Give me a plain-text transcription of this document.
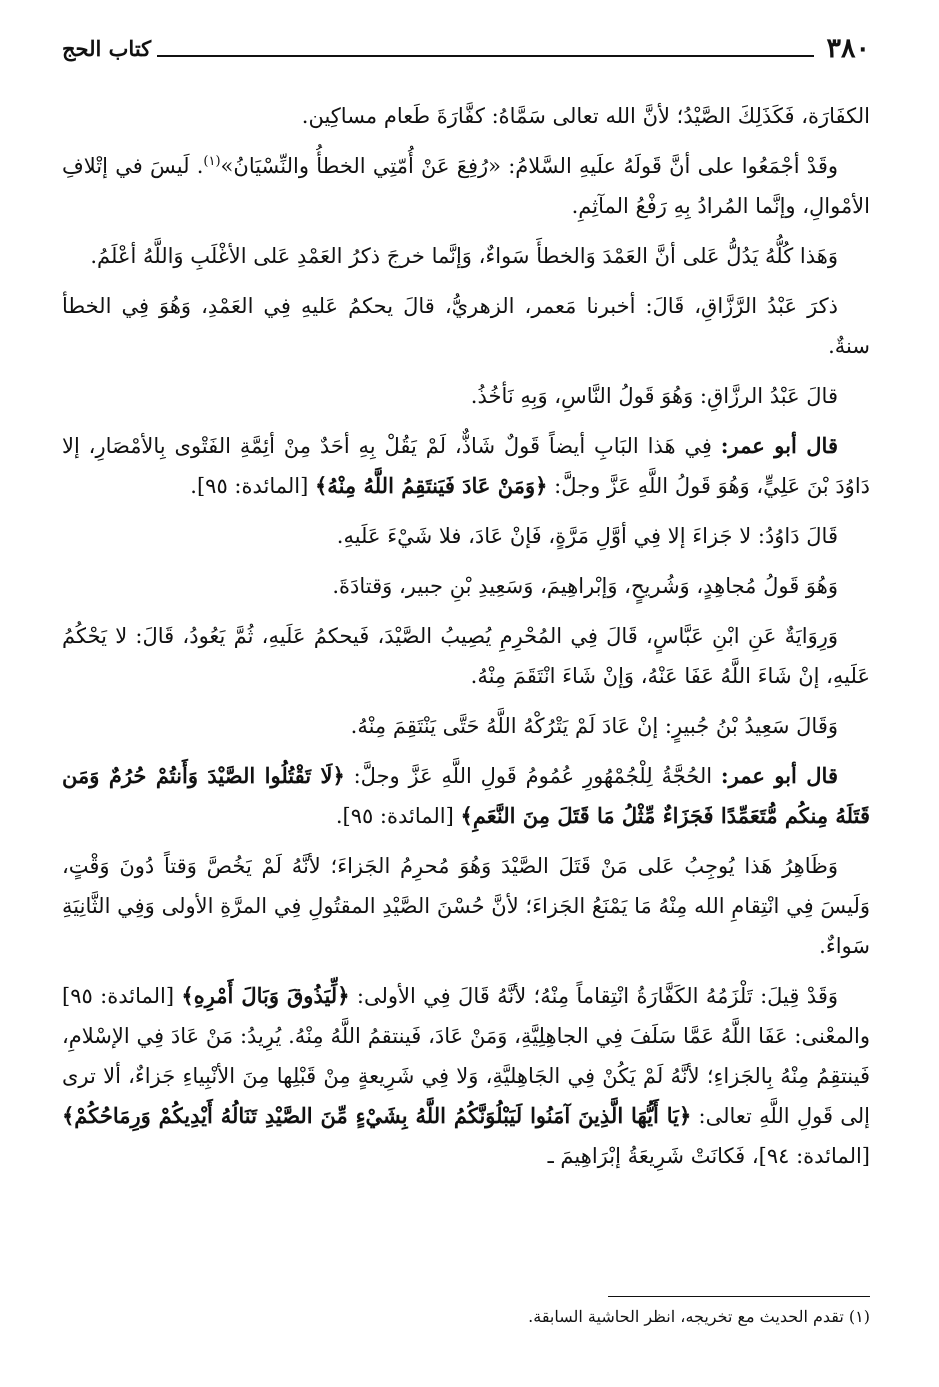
٣٨٠
كتاب الحج

الكفَارَة، فَكَذَلِكَ الصَّيْدُ؛ لأنَّ الله تعالى سَمَّاهُ: كفَّارَةَ طَعام مساكِين.

وقَدْ أجْمَعُوا على أنَّ قَولَهُ علَيهِ السَّلامُ: «رُفِعَ عَنْ أُمّتِي الخطأُ والنِّسْيَانُ»$^{(١)}$. لَيسَ في إتْلافِ الأمْوالِ، وإنَّما المُرادُ بِهِ رَفْعُ المآثِمِ.

وَهَذا كُلُّهُ يَدُلُّ عَلى أنَّ العَمْدَ وَالخطأَ سَواءٌ، وَإنَّما خرجَ ذكرُ العَمْدِ عَلى الأغْلَبِ وَاللَّهُ أعْلَمُ.

ذكرَ عَبْدُ الرَّزَّاقِ، قَالَ: أخبرنا مَعمر، الزهريُّ، قالَ يحكمُ عَليهِ فِي العَمْدِ، وَهُوَ فِي الخطأ سنةٌ.

قالَ عَبْدُ الرزَّاقِ: وَهُوَ قَولُ النَّاسِ، وَبِهِ نَأخُذُ.

قال أبو عمر: فِي هَذا البَابِ أيضاً قَولٌ شَاذٌّ، لَمْ يَقُلْ بِهِ أحَدٌ مِنْ أئِمَّةِ الفَتْوى بِالأمْصَارِ، إلا دَاوُدَ بْنَ عَلِيٍّ، وَهُوَ قَولُ اللَّهِ عَزَّ وجلَّ: ﴿وَمَنْ عَادَ فَيَنتَقِمُ اللَّهُ مِنْهُ﴾ [المائدة: ٩٥].

قَالَ دَاوُدُ: لا جَزاءَ إلا فِي أوَّلِ مَرَّةٍ، فَإنْ عَادَ، فلا شَيْءَ عَلَيهِ.

وَهُوَ قَولُ مُجاهِدٍ، وَشُريحٍ، وَإبْراهِيمَ، وَسَعِيدِ بْنِ جبير، وَقتادَةَ.

وَرِوَايَةٌ عَنِ ابْنِ عَبَّاسٍ، قَالَ فِي المُحْرِمِ يُصِيبُ الصَّيْدَ، فَيحكمُ عَلَيهِ، ثُمَّ يَعُودُ، قَالَ: لا يَحْكُمُ عَلَيهِ، إنْ شَاءَ اللَّهُ عَفَا عَنْهُ، وَإنْ شَاءَ انْتَقَمَ مِنْهُ.

وَقَالَ سَعِيدُ بْنُ جُبيرٍ: إنْ عَادَ لَمْ يَتْرُكْهُ اللَّهُ حَتَّى يَنْتَقِمَ مِنْهُ.

قال أبو عمر: الحُجَّةُ لِلْجُمْهُورِ عُمُومُ قَولِ اللَّهِ عَزَّ وجلَّ: ﴿لَا تَقْتُلُوا الصَّيْدَ وَأَنتُمْ حُرُمٌ وَمَن قَتَلَهُ مِنكُم مُّتَعَمِّدًا فَجَزَاءٌ مِّثْلُ مَا قَتَلَ مِنَ النَّعَمِ﴾ [المائدة: ٩٥].

وَظَاهِرُ هَذا يُوجِبُ عَلى مَنْ قَتَلَ الصَّيْدَ وَهُوَ مُحرِمُ الجَزاءَ؛ لأنَّهُ لَمْ يَخُصَّ وَقتاً دُونَ وَقْتٍ، وَلَيسَ فِي انْتِقامِ الله مِنْهُ مَا يَمْنَعُ الجَزاءَ؛ لأنَّ حُسْنَ الصَّيْدِ المقتُولِ فِي المرَّةِ الأولى وَفِي الثَّانِيَةِ سَواءٌ.

وَقَدْ قِيلَ: تَلْزَمُهُ الكَفَّارَةُ انْتِقاماً مِنْهُ؛ لأنَّهُ قَالَ فِي الأولى: ﴿لِّيَذُوقَ وَبَالَ أَمْرِهِ﴾ [المائدة: ٩٥] والمعْنى: عَفَا اللَّهُ عَمَّا سَلَفَ فِي الجاهِلِيَّةِ، وَمَنْ عَادَ، فَينتقمُ اللَّهُ مِنْهُ. يُرِيدُ: مَنْ عَادَ فِي الإسْلامِ، فَينتقِمُ مِنْهُ بِالجَزاءِ؛ لأنَّهُ لَمْ يَكُنْ فِي الجَاهِليَّةِ، وَلا فِي شَرِيعةٍ مِنْ قَبْلِها مِنَ الأنْبِياءِ جَزاءٌ، ألا ترى إلى قَولِ اللَّهِ تعالى: ﴿يَا أَيُّهَا الَّذِينَ آمَنُوا لَيَبْلُوَنَّكُمُ اللَّهُ بِشَيْءٍ مِّنَ الصَّيْدِ تَنَالُهُ أَيْدِيكُمْ وَرِمَاحُكُمْ﴾ [المائدة: ٩٤]، فَكانَتْ شَرِيعَةُ إبْرَاهِيمَ ـ

(١) تقدم الحديث مع تخريجه، انظر الحاشية السابقة.
